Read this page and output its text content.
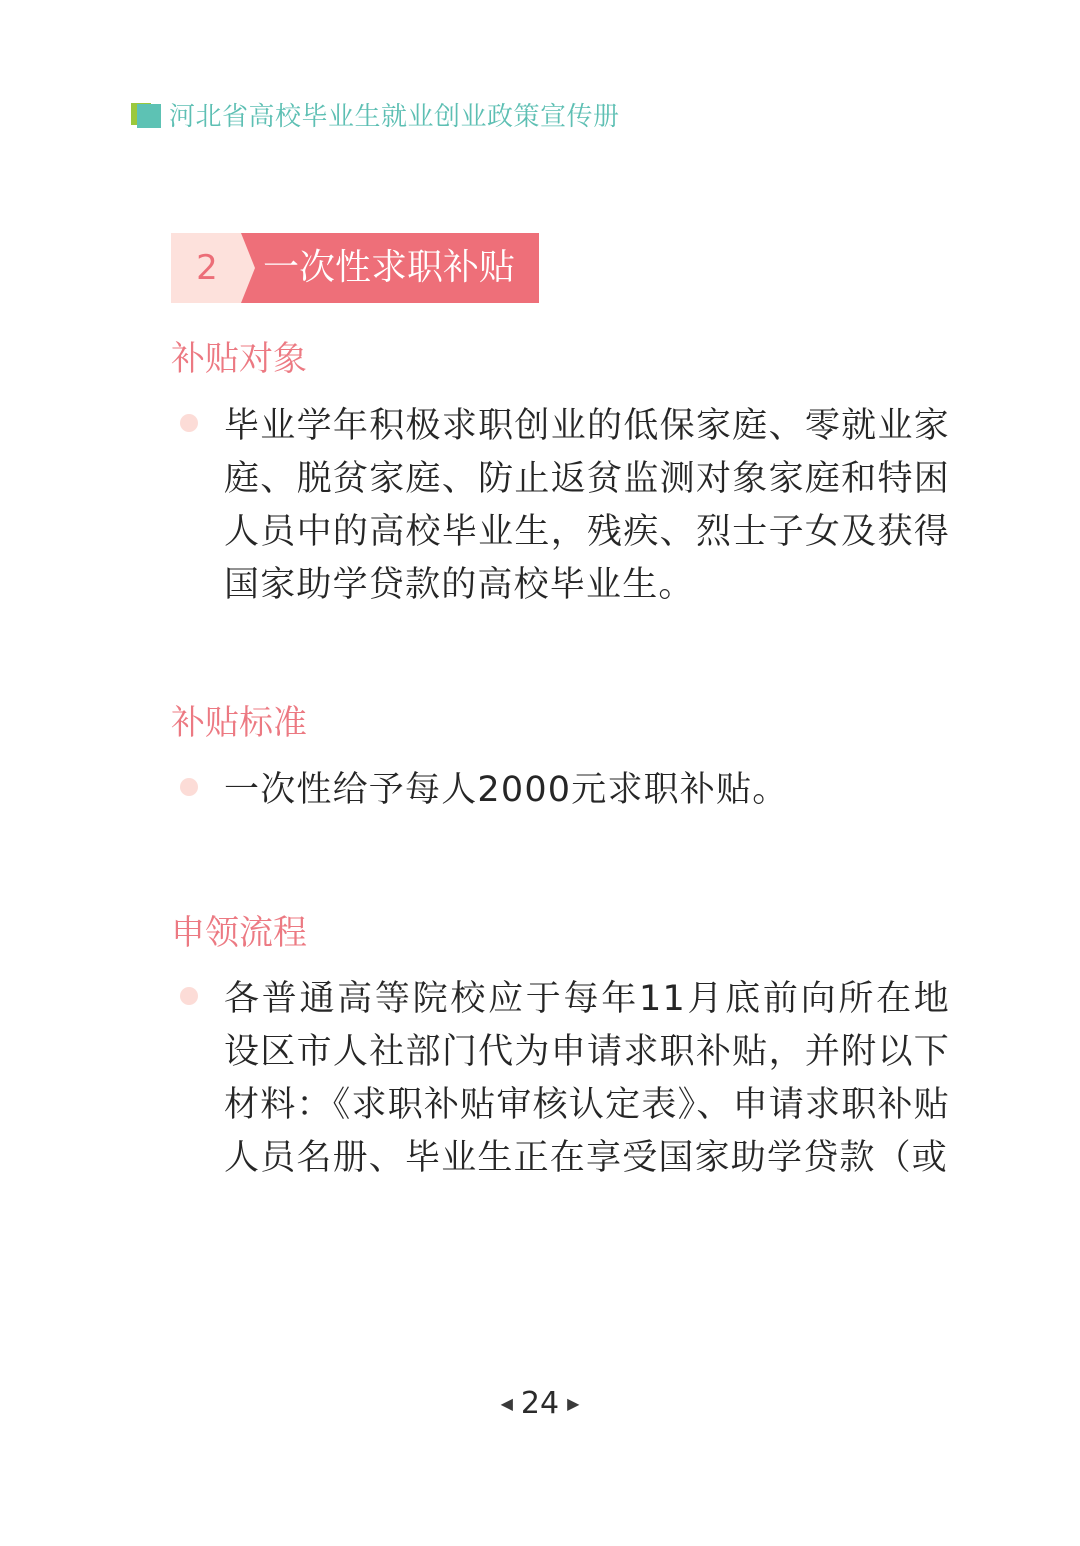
河北省高校毕业生就业创业政策宣传册
2	一次性求职补贴
补贴对象
毕业学年积极求职创业的低保家庭、零就业家庭、脱贫家庭、防止返贫监测对象家庭和特困人员中的高校毕业生，残疾、烈士子女及获得国家助学贷款的高校毕业生。
补贴标准
一次性给予每人2000元求职补贴。
申领流程
各普通高等院校应于每年11月底前向所在地设区市人社部门代为申请求职补贴，并附以下材料：《求职补贴审核认定表》、申请求职补贴人员名册、毕业生正在享受国家助学贷款（或
◀ 24 ▶
